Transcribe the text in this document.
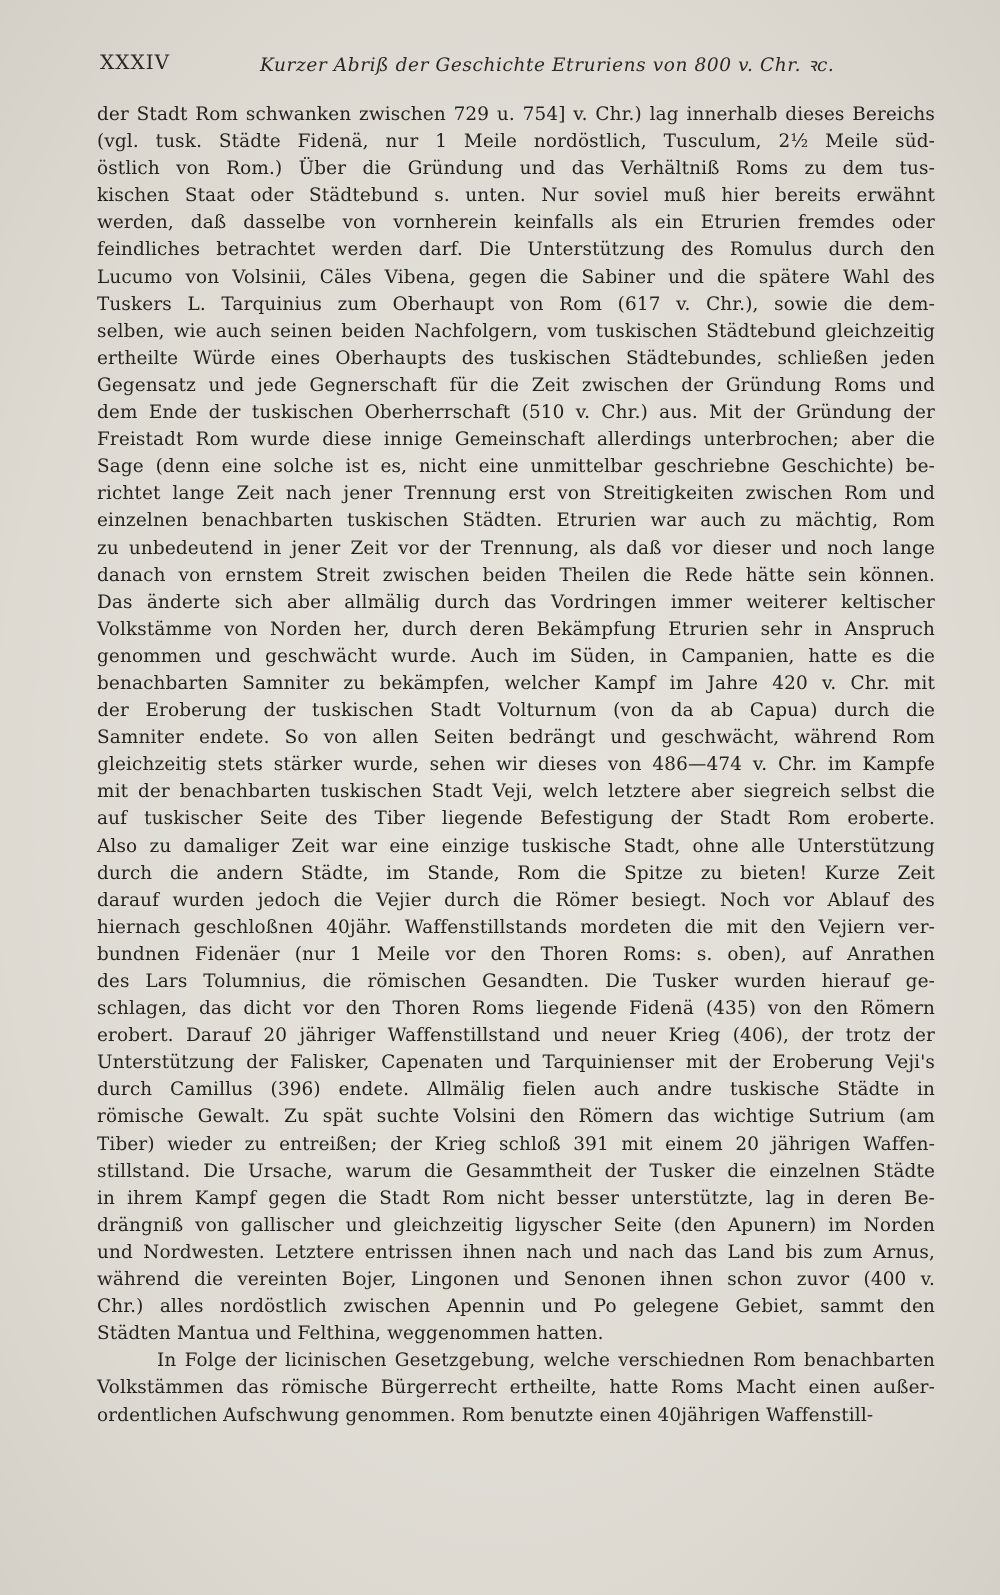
XXXIV	Kurzer Abriß der Geschichte Etruriens von 800 v. Chr. ꝛc.
der Stadt Rom schwanken zwischen 729 u. 754] v. Chr.) lag innerhalb dieses Bereichs
(vgl. tusk. Städte Fidenä, nur 1 Meile nordöstlich, Tusculum, 2½ Meile süd-
östlich von Rom.) Über die Gründung und das Verhältniß Roms zu dem tus-
kischen Staat oder Städtebund s. unten. Nur soviel muß hier bereits erwähnt
werden, daß dasselbe von vornherein keinfalls als ein Etrurien fremdes oder
feindliches betrachtet werden darf. Die Unterstützung des Romulus durch den
Lucumo von Volsinii, Cäles Vibena, gegen die Sabiner und die spätere Wahl des
Tuskers L. Tarquinius zum Oberhaupt von Rom (617 v. Chr.), sowie die dem-
selben, wie auch seinen beiden Nachfolgern, vom tuskischen Städtebund gleichzeitig
ertheilte Würde eines Oberhaupts des tuskischen Städtebundes, schließen jeden
Gegensatz und jede Gegnerschaft für die Zeit zwischen der Gründung Roms und
dem Ende der tuskischen Oberherrschaft (510 v. Chr.) aus. Mit der Gründung der
Freistadt Rom wurde diese innige Gemeinschaft allerdings unterbrochen; aber die
Sage (denn eine solche ist es, nicht eine unmittelbar geschriebne Geschichte) be-
richtet lange Zeit nach jener Trennung erst von Streitigkeiten zwischen Rom und
einzelnen benachbarten tuskischen Städten. Etrurien war auch zu mächtig, Rom
zu unbedeutend in jener Zeit vor der Trennung, als daß vor dieser und noch lange
danach von ernstem Streit zwischen beiden Theilen die Rede hätte sein können.
Das änderte sich aber allmälig durch das Vordringen immer weiterer keltischer
Volkstämme von Norden her, durch deren Bekämpfung Etrurien sehr in Anspruch
genommen und geschwächt wurde. Auch im Süden, in Campanien, hatte es die
benachbarten Samniter zu bekämpfen, welcher Kampf im Jahre 420 v. Chr. mit
der Eroberung der tuskischen Stadt Volturnum (von da ab Capua) durch die
Samniter endete. So von allen Seiten bedrängt und geschwächt, während Rom
gleichzeitig stets stärker wurde, sehen wir dieses von 486—474 v. Chr. im Kampfe
mit der benachbarten tuskischen Stadt Veji, welch letztere aber siegreich selbst die
auf tuskischer Seite des Tiber liegende Befestigung der Stadt Rom eroberte.
Also zu damaliger Zeit war eine einzige tuskische Stadt, ohne alle Unterstützung
durch die andern Städte, im Stande, Rom die Spitze zu bieten! Kurze Zeit
darauf wurden jedoch die Vejier durch die Römer besiegt. Noch vor Ablauf des
hiernach geschloßnen 40jähr. Waffenstillstands mordeten die mit den Vejiern ver-
bundnen Fidenäer (nur 1 Meile vor den Thoren Roms: s. oben), auf Anrathen
des Lars Tolumnius, die römischen Gesandten. Die Tusker wurden hierauf ge-
schlagen, das dicht vor den Thoren Roms liegende Fidenä (435) von den Römern
erobert. Darauf 20 jähriger Waffenstillstand und neuer Krieg (406), der trotz der
Unterstützung der Falisker, Capenaten und Tarquinienser mit der Eroberung Veji's
durch Camillus (396) endete. Allmälig fielen auch andre tuskische Städte in
römische Gewalt. Zu spät suchte Volsini den Römern das wichtige Sutrium (am
Tiber) wieder zu entreißen; der Krieg schloß 391 mit einem 20 jährigen Waffen-
stillstand. Die Ursache, warum die Gesammtheit der Tusker die einzelnen Städte
in ihrem Kampf gegen die Stadt Rom nicht besser unterstützte, lag in deren Be-
drängniß von gallischer und gleichzeitig ligyscher Seite (den Apunern) im Norden
und Nordwesten. Letztere entrissen ihnen nach und nach das Land bis zum Arnus,
während die vereinten Bojer, Lingonen und Senonen ihnen schon zuvor (400 v.
Chr.) alles nordöstlich zwischen Apennin und Po gelegene Gebiet, sammt den
Städten Mantua und Felthina, weggenommen hatten.
In Folge der licinischen Gesetzgebung, welche verschiednen Rom benachbarten
Volkstämmen das römische Bürgerrecht ertheilte, hatte Roms Macht einen außer-
ordentlichen Aufschwung genommen. Rom benutzte einen 40jährigen Waffenstill-
